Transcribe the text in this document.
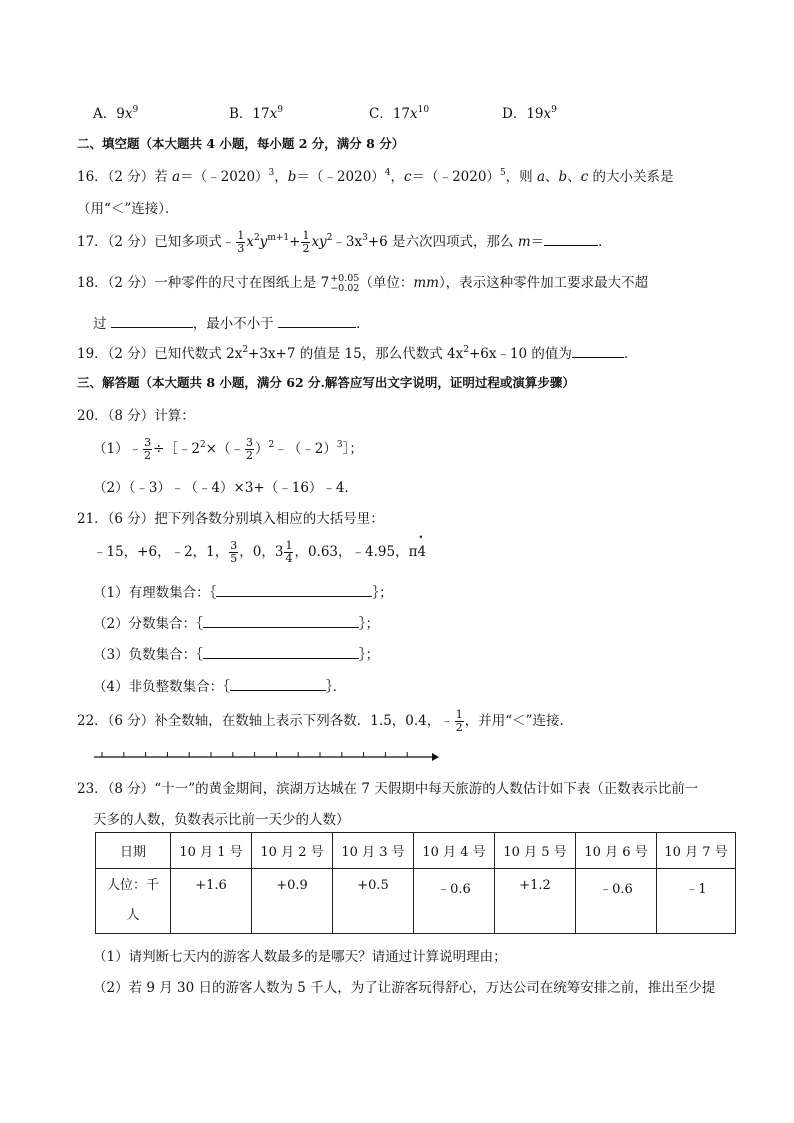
A．$9x^9$	B．$17x^9$	C．$17x^{10}$	D．$19x^9$
二、填空题（本大题共 4 小题，每小题 2 分，满分 8 分）
16．（2 分）若 a＝（﹣2020）$^3$，b＝（﹣2020）$^4$，c＝（﹣2020）$^5$，则 a、b、c 的大小关系是
（用“＜”连接）．
17．（2 分）已知多项式﹣ $\frac{1}{3} x^2y^{m+1}+ \frac{1}{2}$ $xy^2﹣3x^3+6$ 是六次四项式，那么 m＝	．
18．（2 分）一种零件的尺寸在图纸上是 7 +0.05
−0.02 （单位：mm），表示这种零件加工要求最大不超
过	，最小不小于	．
19．（2 分）已知代数式 $2x^2+3x+7$ 的值是 15，那么代数式 $4x^2+6x﹣10$ 的值为	．
三、解答题（本大题共 8 小题，满分 62 分.解答应写出文字说明，证明过程或演算步骤）
20．（8 分）计算：
（1）﹣ $\frac{3}{2}$ $\div[﹣2^2\times(﹣ \frac{3}{2}$ ）$^2$﹣（﹣2）$^3$］；
（2）（﹣3）﹣（﹣4）×3+（﹣16）﹣4．
21．（6 分）把下列各数分别填入相应的大括号里：
﹣15，+6，﹣2，1， $\frac{3}{5}$ ，0，$3 \frac{1}{4}$ ，0.63，﹣4.95，π4
•
（1）有理数集合：｛	｝；
（2）分数集合：｛	｝；
（3）负数集合：｛	｝；
（4）非负整数集合：｛	｝．
22．（6 分）补全数轴，在数轴上表示下列各数．1.5，0.4，﹣ $\frac{1}{2}$ ，并用“＜”连接．
23．（8 分）“十一”的黄金期间，滨湖万达城在 7 天假期中每天旅游的人数估计如下表（正数表示比前一
天多的人数，负数表示比前一天少的人数）
日期	10 月 1 号	10 月 2 号	10 月 3 号	10 月 4 号	10 月 5 号	10 月 6 号	10 月 7 号

人位：千
人	+1.6	+0.9	+0.5	﹣0.6	+1.2	﹣0.6	﹣1
（1）请判断七天内的游客人数最多的是哪天？请通过计算说明理由；
（2）若 9 月 30 日的游客人数为 5 千人，为了让游客玩得舒心，万达公司在统筹安排之前，推出至少提
